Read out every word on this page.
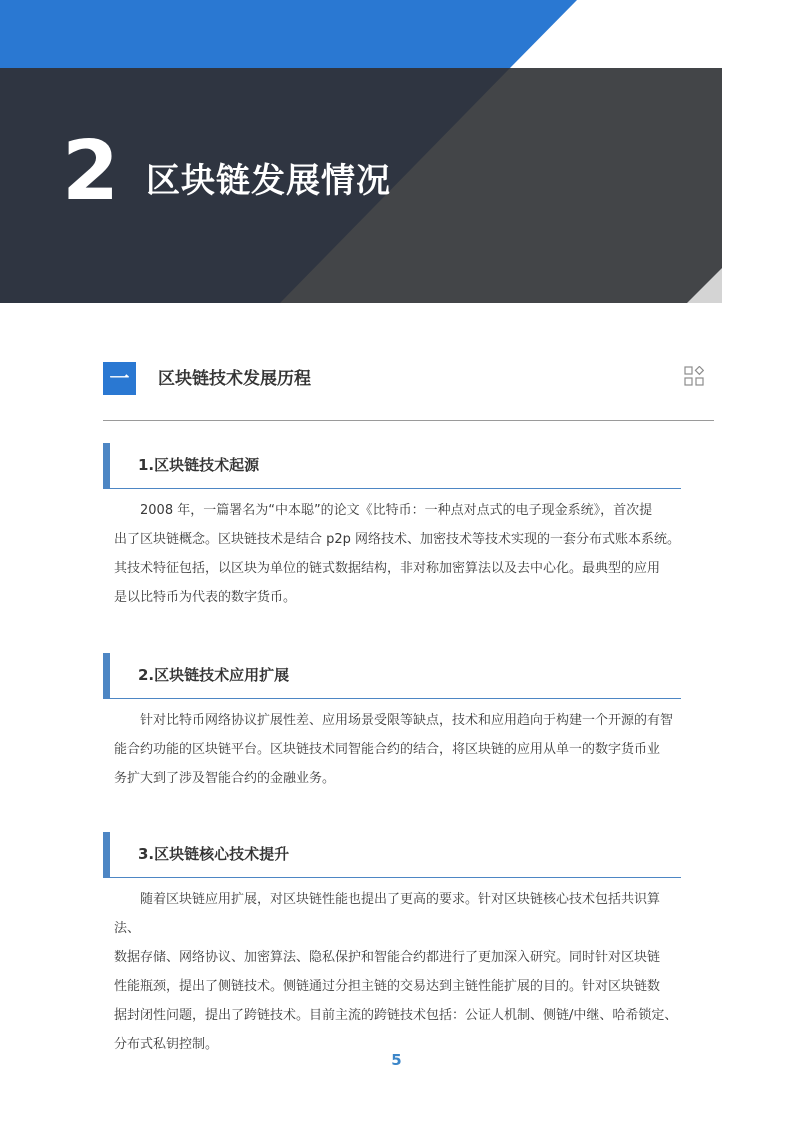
2 区块链发展情况
一	区块链技术发展历程
1.区块链技术起源
2008 年，一篇署名为“中本聪”的论文《比特币：一种点对点式的电子现金系统》，首次提
出了区块链概念。区块链技术是结合 p2p 网络技术、加密技术等技术实现的一套分布式账本系统。
其技术特征包括，以区块为单位的链式数据结构，非对称加密算法以及去中心化。最典型的应用
是以比特币为代表的数字货币。
2.区块链技术应用扩展
针对比特币网络协议扩展性差、应用场景受限等缺点，技术和应用趋向于构建一个开源的有智
能合约功能的区块链平台。区块链技术同智能合约的结合，将区块链的应用从单一的数字货币业
务扩大到了涉及智能合约的金融业务。
3.区块链核心技术提升
随着区块链应用扩展，对区块链性能也提出了更高的要求。针对区块链核心技术包括共识算法、
数据存储、网络协议、加密算法、隐私保护和智能合约都进行了更加深入研究。同时针对区块链
性能瓶颈，提出了侧链技术。侧链通过分担主链的交易达到主链性能扩展的目的。针对区块链数
据封闭性问题，提出了跨链技术。目前主流的跨链技术包括：公证人机制、侧链/中继、哈希锁定、
分布式私钥控制。
5
